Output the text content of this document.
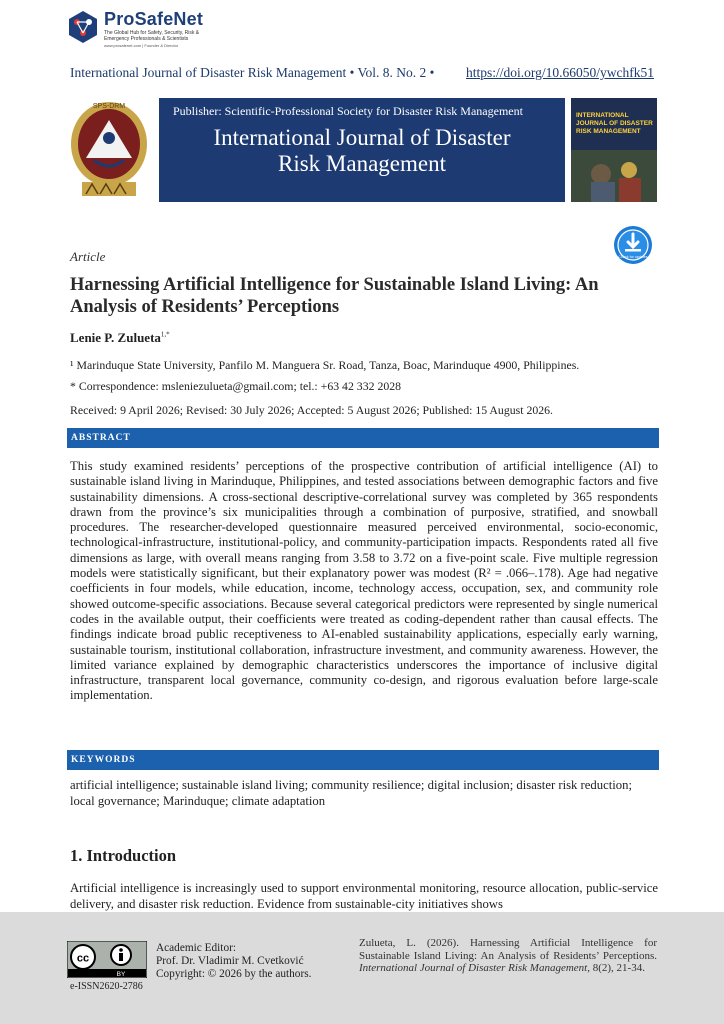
ProSafeNet
The Global Hub for Safety, Security, Risk & Emergency Professionals & Scientists
www.prosafenet.com | Founder & Director
International Journal of Disaster Risk Management • Vol. 8. No. 2 • https://doi.org/10.66050/ywchfk51
SPS-DRM	Publisher: Scientific-Professional Society for Disaster Risk Management
International Journal of Disaster
Risk Management
INTERNATIONAL JOURNAL OF DISASTER RISK MANAGEMENT
Article	Check for updates
Harnessing Artificial Intelligence for Sustainable Island Living: An Analysis of Residents’ Perceptions
Lenie P. Zulueta$^{1,*}$
¹ Marinduque State University, Panfilo M. Manguera Sr. Road, Tanza, Boac, Marinduque 4900, Philippines.
* Correspondence: msleniezulueta@gmail.com; tel.: +63 42 332 2028
Received: 9 April 2026; Revised: 30 July 2026; Accepted: 5 August 2026; Published: 15 August 2026.
ABSTRACT
This study examined residents’ perceptions of the prospective contribution of artificial intelligence (AI) to sustainable island living in Marinduque, Philippines, and tested associations between demographic factors and five sustainability dimensions. A cross-sectional descriptive-correlational survey was completed by 365 respondents drawn from the province’s six municipalities through a combination of purposive, stratified, and snowball procedures. The researcher-developed questionnaire measured perceived environmental, socio-economic, technological-infrastructure, institutional-policy, and community-participation impacts. Respondents rated all five dimensions as large, with overall means ranging from 3.58 to 3.72 on a five-point scale. Five multiple regression models were statistically significant, but their explanatory power was modest (R² = .066–.178). Age had negative coefficients in four models, while education, income, technology access, occupation, sex, and community role showed outcome-specific associations. Because several categorical predictors were represented by single numerical codes in the available output, their coefficients were treated as coding-dependent rather than causal effects. The findings indicate broad public receptiveness to AI-enabled sustainability applications, especially early warning, sustainable tourism, institutional collaboration, infrastructure investment, and community awareness. However, the limited variance explained by demographic characteristics underscores the importance of inclusive digital infrastructure, transparent local governance, community co-design, and rigorous evaluation before large-scale implementation.
KEYWORDS
artificial intelligence; sustainable island living; community resilience; digital inclusion; disaster risk reduction; local governance; Marinduque; climate adaptation
1. Introduction
Artificial intelligence is increasingly used to support environmental monitoring, resource allocation, public-service delivery, and disaster risk reduction. Evidence from sustainable-city initiatives shows
cc
BY
e-ISSN2620-2786
Academic Editor:
Prof. Dr. Vladimir M. Cvetković
Copyright: © 2026 by the authors.
Zulueta, L. (2026). Harnessing Artificial Intelligence for Sustainable Island Living: An Analysis of Residents’ Perceptions. International Journal of Disaster Risk Management, 8(2), 21-34.
